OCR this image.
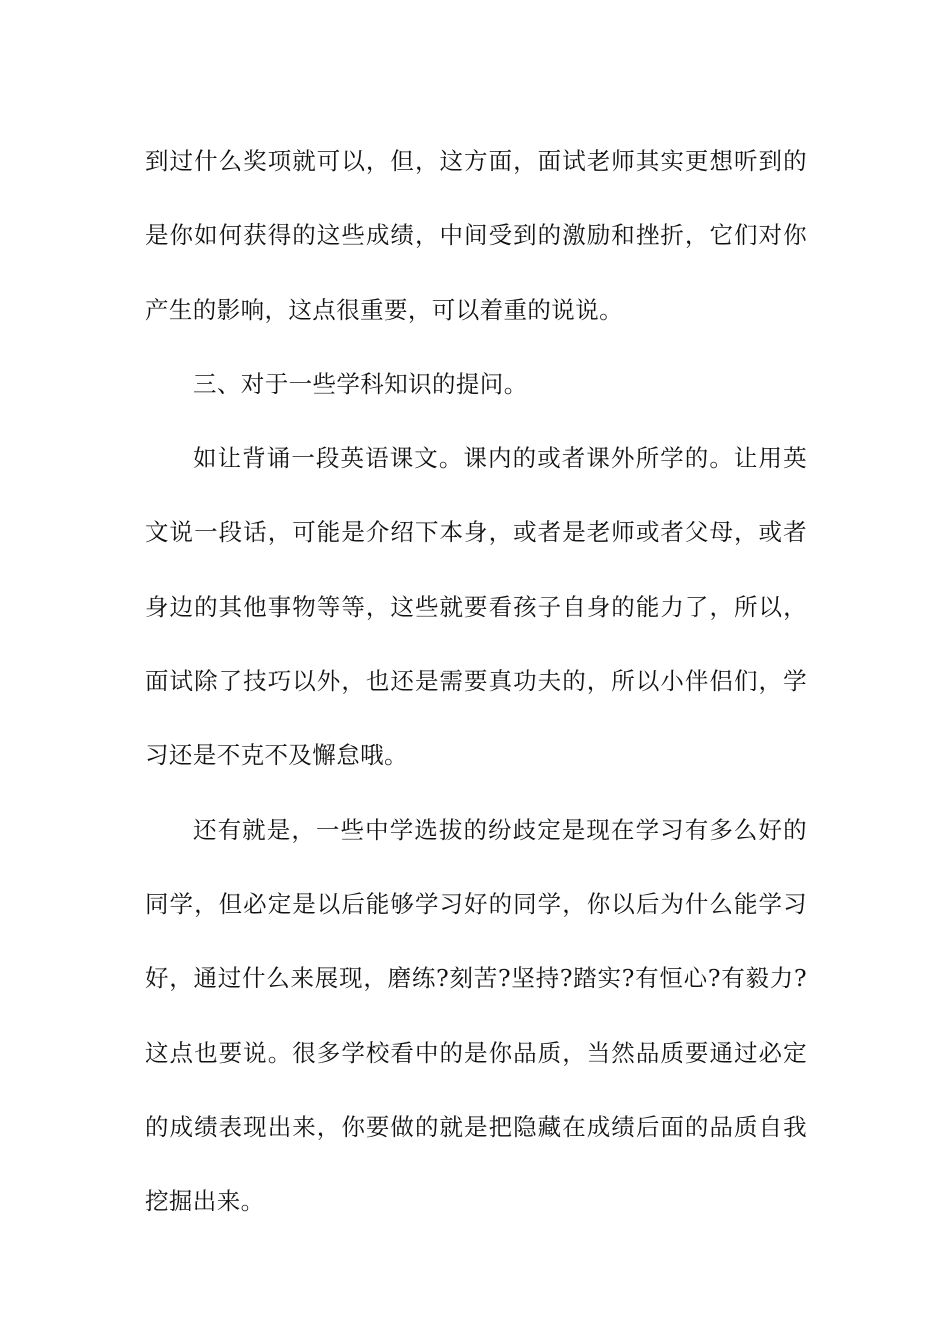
到过什么奖项就可以，但，这方面，面试老师其实更想听到的是你如何获得的这些成绩，中间受到的激励和挫折，它们对你产生的影响，这点很重要，可以着重的说说。

三、对于一些学科知识的提问。

如让背诵一段英语课文。课内的或者课外所学的。让用英文说一段话，可能是介绍下本身，或者是老师或者父母，或者身边的其他事物等等，这些就要看孩子自身的能力了，所以，面试除了技巧以外，也还是需要真功夫的，所以小伴侣们，学习还是不克不及懈怠哦。

还有就是，一些中学选拔的纷歧定是现在学习有多么好的同学，但必定是以后能够学习好的同学，你以后为什么能学习好，通过什么来展现，磨练?刻苦?坚持?踏实?有恒心?有毅力?这点也要说。很多学校看中的是你品质，当然品质要通过必定的成绩表现出来，你要做的就是把隐藏在成绩后面的品质自我挖掘出来。
